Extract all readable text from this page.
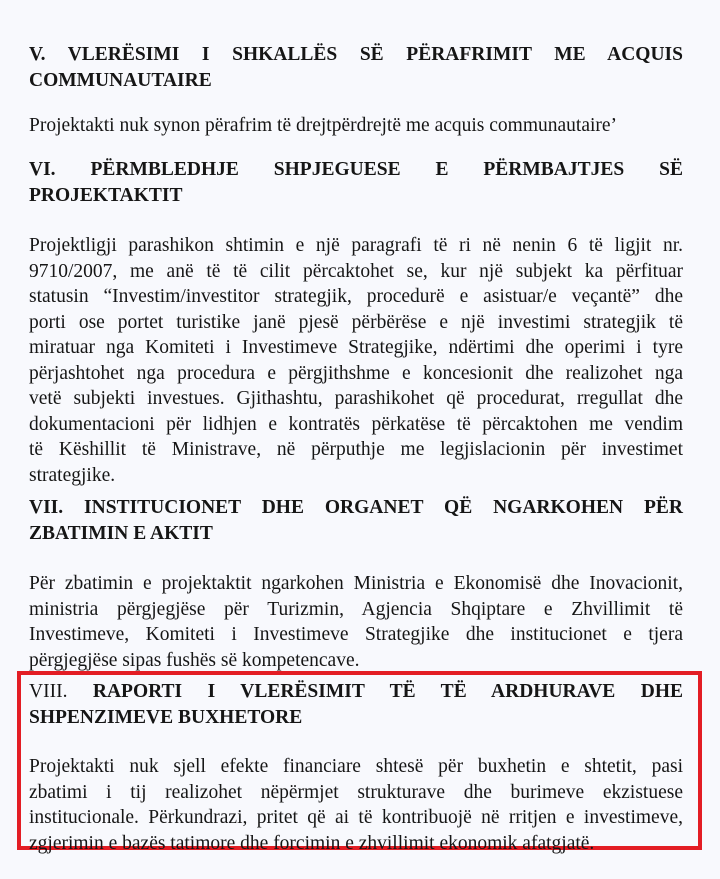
V. VLERËSIMI I SHKALLËS SË PËRAFRIMIT ME ACQUIS
COMMUNAUTAIRE

Projektakti nuk synon përafrim të drejtpërdrejtë me acquis communautaire’

VI. PËRMBLEDHJE SHPJEGUESE E PËRMBAJTJES SË
PROJEKTAKTIT

Projektligji parashikon shtimin e një paragrafi të ri në nenin 6 të ligjit nr.
9710/2007, me anë të të cilit përcaktohet se, kur një subjekt ka përfituar
statusin “Investim/investitor strategjik, procedurë e asistuar/e veçantë” dhe
porti ose portet turistike janë pjesë përbërëse e një investimi strategjik të
miratuar nga Komiteti i Investimeve Strategjike, ndërtimi dhe operimi i tyre
përjashtohet nga procedura e përgjithshme e koncesionit dhe realizohet nga
vetë subjekti investues. Gjithashtu, parashikohet që procedurat, rregullat dhe
dokumentacioni për lidhjen e kontratës përkatëse të përcaktohen me vendim
të Këshillit të Ministrave, në përputhje me legjislacionin për investimet
strategjike.

VII. INSTITUCIONET DHE ORGANET QË NGARKOHEN PËR
ZBATIMIN E AKTIT

Për zbatimin e projektaktit ngarkohen Ministria e Ekonomisë dhe Inovacionit,
ministria përgjegjëse për Turizmin, Agjencia Shqiptare e Zhvillimit të
Investimeve, Komiteti i Investimeve Strategjike dhe institucionet e tjera
përgjegjëse sipas fushës së kompetencave.

VIII. RAPORTI I VLERËSIMIT TË TË ARDHURAVE DHE
SHPENZIMEVE BUXHETORE

Projektakti nuk sjell efekte financiare shtesë për buxhetin e shtetit, pasi
zbatimi i tij realizohet nëpërmjet strukturave dhe burimeve ekzistuese
institucionale. Përkundrazi, pritet që ai të kontribuojë në rritjen e investimeve,
zgjerimin e bazës tatimore dhe forcimin e zhvillimit ekonomik afatgjatë.
